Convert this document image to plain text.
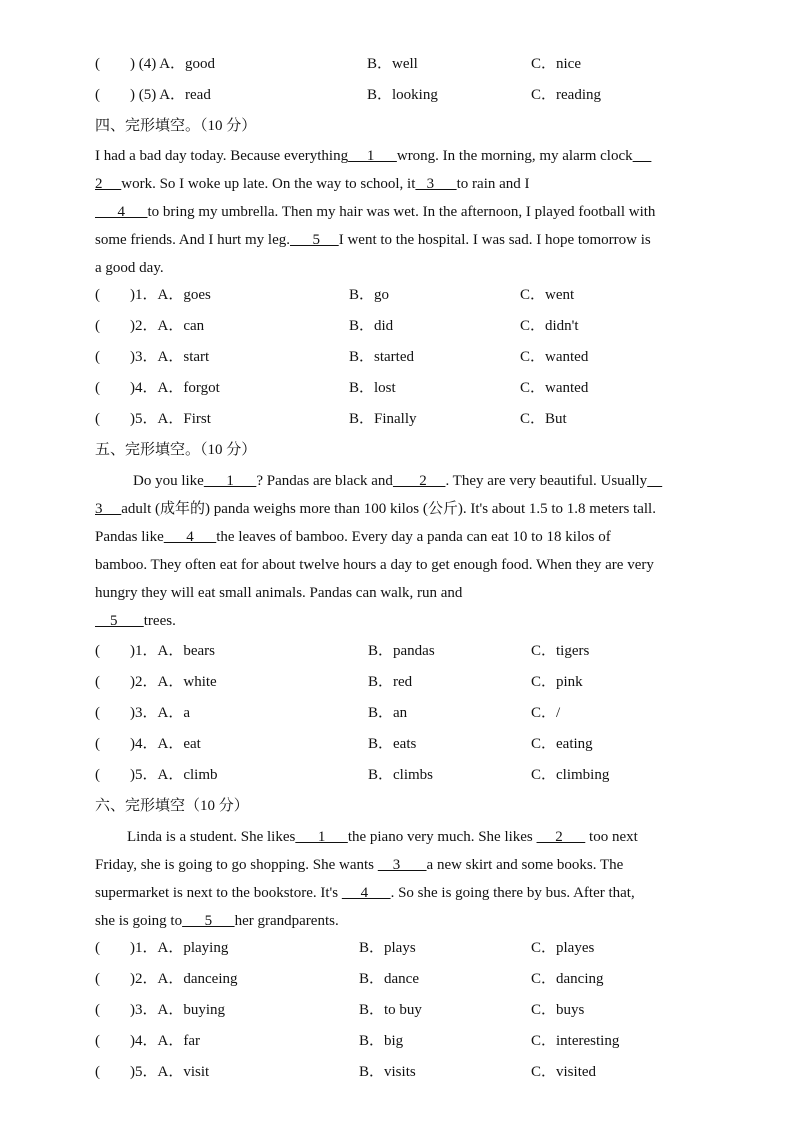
(　　) (4) A．good	B．well	C．nice
(　　) (5) A．read	B．looking	C．reading
四、完形填空。（10 分）
I had a bad day today. Because everything     1      wrong. In the morning, my alarm clock
2 work. So I woke up late. On the way to school, it   3      to rain and I
4      to bring my umbrella. Then my hair was wet. In the afternoon, I played football with
some friends. And I hurt my leg.      5     I went to the hospital. I was sad. I hope tomorrow is
a good day.
(　　)1．A．goes	B．go	C．went
(　　)2．A．can	B．did	C．didn't
(　　)3．A．start	B．started	C．wanted
(　　)4．A．forgot	B．lost	C．wanted
(　　)5．A．First	B．Finally	C．But
五、完形填空。（10 分）
Do you like      1      ? Pandas are black and       2     . They are very beautiful. Usually
3 adult (成年的) panda weighs more than 100 kilos (公斤). It's about 1.5 to 1.8 meters tall.
Pandas like      4      the leaves of bamboo. Every day a panda can eat 10 to 18 kilos of
bamboo. They often eat for about twelve hours a day to get enough food. When they are very
hungry they will eat small animals. Pandas can walk, run and
5       trees.
(　　)1．A．bears	B．pandas	C．tigers
(　　)2．A．white	B．red	C．pink
(　　)3．A．a	B．an	C．/
(　　)4．A．eat	B．eats	C．eating
(　　)5．A．climb	B．climbs	C．climbing
六、完形填空（10 分）
Linda is a student. She likes      1      the piano very much. She likes      2       too next
Friday, she is going to go shopping. She wants     3       a new skirt and some books. The
supermarket is next to the bookstore. It's      4      . So she is going there by bus. After that,
she is going to      5      her grandparents.
(　　)1．A．playing	B．plays	C．playes
(　　)2．A．danceing	B．dance	C．dancing
(　　)3．A．buying	B．to buy	C．buys
(　　)4．A．far	B．big	C．interesting
(　　)5．A．visit	B．visits	C．visited
